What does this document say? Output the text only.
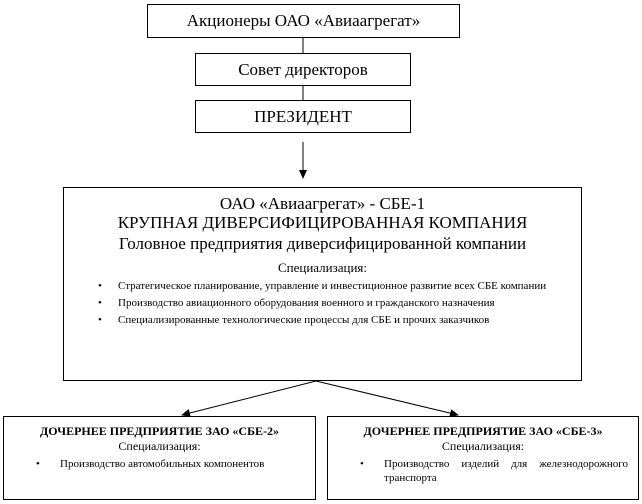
Акционеры ОАО «Авиаагрегат»
Совет директоров
ПРЕЗИДЕНТ
ОАО «Авиаагрегат» - СБЕ-1
КРУПНАЯ ДИВЕРСИФИЦИРОВАННАЯ КОМПАНИЯ
Головное предприятия диверсифицированной компании
Специализация:
• Стратегическое планирование, управление и инвестиционное развитие всех СБЕ компании
• Производство авиационного оборудования военного и гражданского назначения
• Специализированные технологические процессы для СБЕ и прочих заказчиков
ДОЧЕРНЕЕ ПРЕДПРИЯТИЕ ЗАО «СБЕ-2»
Специализация:
• Производство автомобильных компонентов
ДОЧЕРНЕЕ ПРЕДПРИЯТИЕ ЗАО «СБЕ-3»
Специализация:
• Производство изделий для железнодорожного транспорта
